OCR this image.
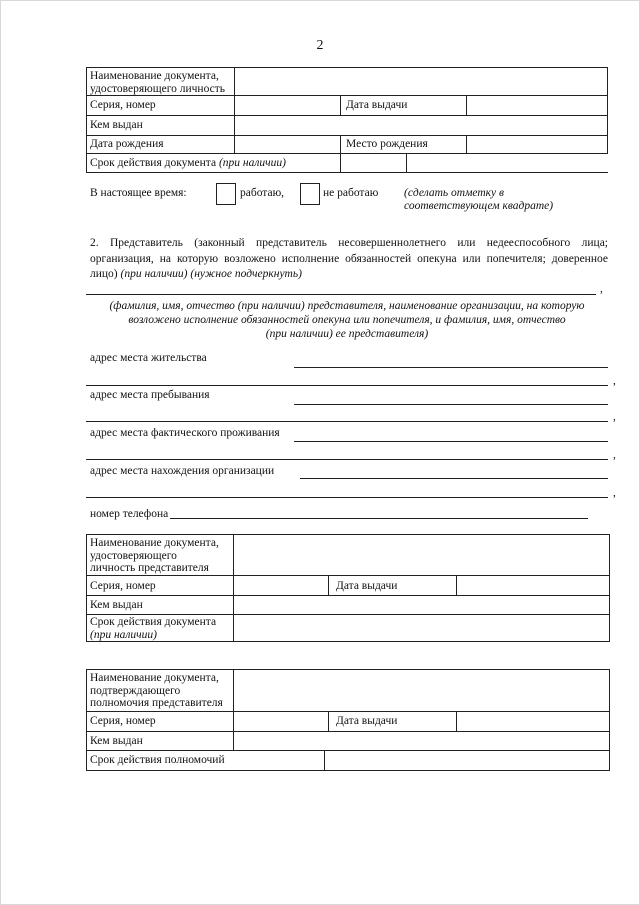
2
Наименование документа, удостоверяющего личность
Серия, номер	Дата выдачи
Кем выдан
Дата рождения	Место рождения
Срок действия документа (при наличии)
В настоящее время:	работаю,	не работаю (сделать отметку в
соответствующем квадрате)
2. Представитель (законный представитель несовершеннолетнего или недееспособного лица;
организация, на которую возложено исполнение обязанностей опекуна или попечителя; доверенное
лицо) (при наличии) (нужное подчеркнуть)
,
(фамилия, имя, отчество (при наличии) представителя, наименование организации, на которую
возложено исполнение обязанностей опекуна или попечителя, и фамилия, имя, отчество
(при наличии) ее представителя)
адрес места жительства
,
адрес места пребывания
,
адрес места фактического проживания
,
адрес места нахождения организации
,
номер телефона
Наименование документа,
удостоверяющего
личность представителя
Серия, номер	Дата выдачи
Кем выдан
Срок действия документа
(при наличии)
Наименование документа,
подтверждающего
полномочия представителя
Серия, номер	Дата выдачи
Кем выдан
Срок действия полномочий
